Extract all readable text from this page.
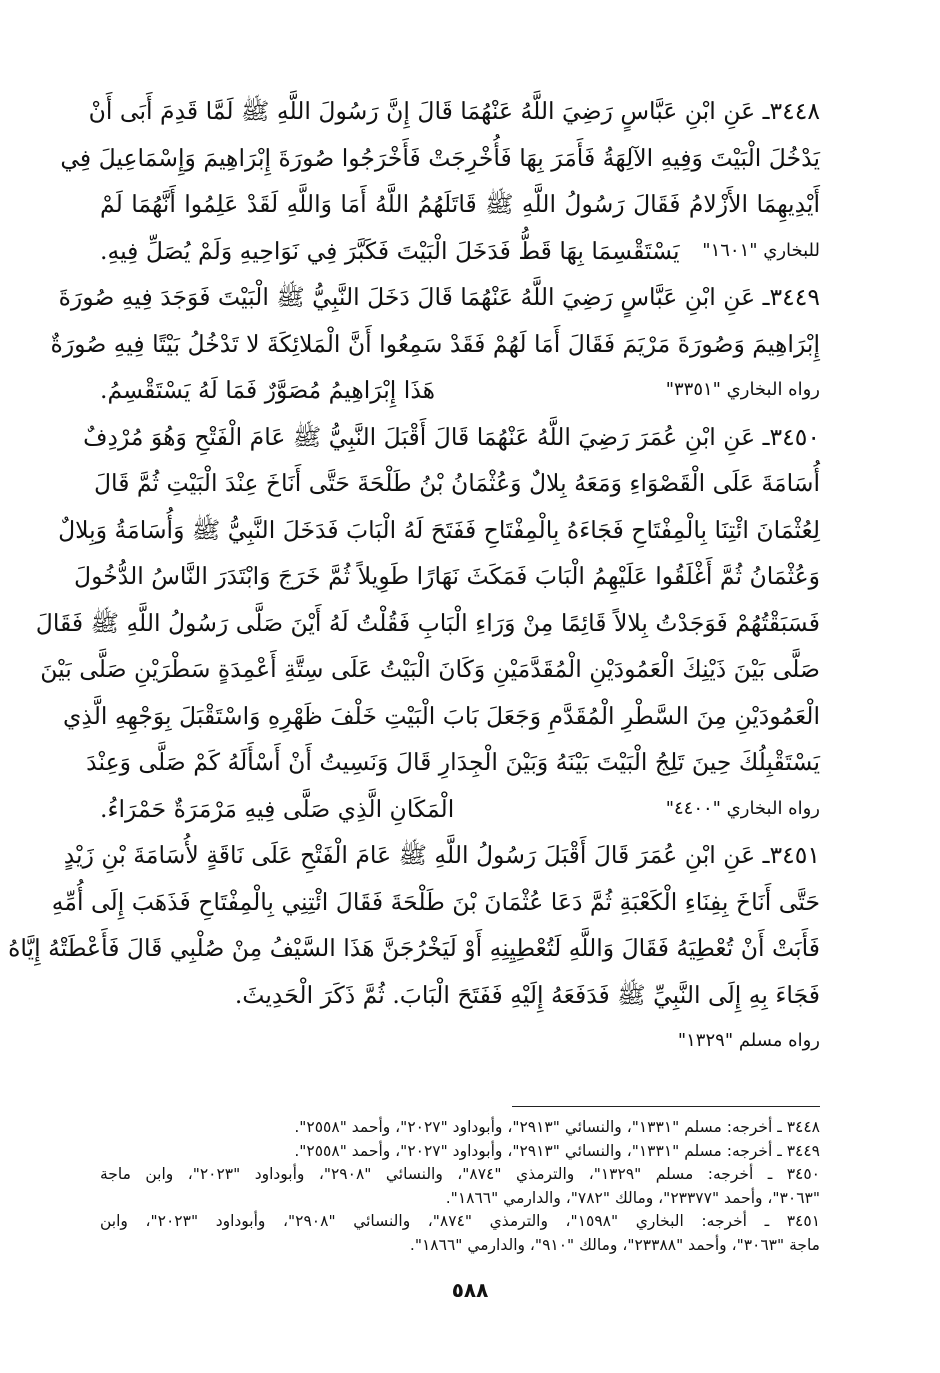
٣٤٤٨ـ عَنِ ابْنِ عَبَّاسٍ رَضِيَ اللَّهُ عَنْهُمَا قَالَ إِنَّ رَسُولَ اللَّهِ ﷺ لَمَّا قَدِمَ أَبَى أَنْ
يَدْخُلَ الْبَيْتَ وَفِيهِ الآلِهَةُ فَأَمَرَ بِهَا فَأُخْرِجَتْ فَأَخْرَجُوا صُورَةَ إِبْرَاهِيمَ وَإِسْمَاعِيلَ فِي
أَيْدِيهِمَا الأَزْلامُ فَقَالَ رَسُولُ اللَّهِ ﷺ قَاتَلَهُمُ اللَّهُ أَمَا وَاللَّهِ لَقَدْ عَلِمُوا أَنَّهُمَا لَمْ
يَسْتَقْسِمَا بِهَا قَطُّ فَدَخَلَ الْبَيْتَ فَكَبَّرَ فِي نَوَاحِيهِ وَلَمْ يُصَلِّ فِيهِ. للبخاري "١٦٠١"
٣٤٤٩ـ عَنِ ابْنِ عَبَّاسٍ رَضِيَ اللَّهُ عَنْهُمَا قَالَ دَخَلَ النَّبِيُّ ﷺ الْبَيْتَ فَوَجَدَ فِيهِ صُورَةَ
إِبْرَاهِيمَ وَصُورَةَ مَرْيَمَ فَقَالَ أَمَا لَهُمْ فَقَدْ سَمِعُوا أَنَّ الْمَلائِكَةَ لا تَدْخُلُ بَيْتًا فِيهِ صُورَةٌ
هَذَا إِبْرَاهِيمُ مُصَوَّرٌ فَمَا لَهُ يَسْتَقْسِمُ.	رواه البخاري "٣٣٥١"
٣٤٥٠ـ عَنِ ابْنِ عُمَرَ رَضِيَ اللَّهُ عَنْهُمَا قَالَ أَقْبَلَ النَّبِيُّ ﷺ عَامَ الْفَتْحِ وَهُوَ مُرْدِفٌ
أُسَامَةَ عَلَى الْقَصْوَاءِ وَمَعَهُ بِلالٌ وَعُثْمَانُ بْنُ طَلْحَةَ حَتَّى أَنَاخَ عِنْدَ الْبَيْتِ ثُمَّ قَالَ
لِعُثْمَانَ ائْتِنَا بِالْمِفْتَاحِ فَجَاءَهُ بِالْمِفْتَاحِ فَفَتَحَ لَهُ الْبَابَ فَدَخَلَ النَّبِيُّ ﷺ وَأُسَامَةُ وَبِلالٌ
وَعُثْمَانُ ثُمَّ أَغْلَقُوا عَلَيْهِمُ الْبَابَ فَمَكَثَ نَهَارًا طَوِيلاً ثُمَّ خَرَجَ وَابْتَدَرَ النَّاسُ الدُّخُولَ
فَسَبَقْتُهُمْ فَوَجَدْتُ بِلالاً قَائِمًا مِنْ وَرَاءِ الْبَابِ فَقُلْتُ لَهُ أَيْنَ صَلَّى رَسُولُ اللَّهِ ﷺ فَقَالَ
صَلَّى بَيْنَ ذَيْنِكَ الْعَمُودَيْنِ الْمُقَدَّمَيْنِ وَكَانَ الْبَيْتُ عَلَى سِتَّةِ أَعْمِدَةٍ سَطْرَيْنِ صَلَّى بَيْنَ
الْعَمُودَيْنِ مِنَ السَّطْرِ الْمُقَدَّمِ وَجَعَلَ بَابَ الْبَيْتِ خَلْفَ ظَهْرِهِ وَاسْتَقْبَلَ بِوَجْهِهِ الَّذِي
يَسْتَقْبِلُكَ حِينَ تَلِجُ الْبَيْتَ بَيْنَهُ وَبَيْنَ الْجِدَارِ قَالَ وَنَسِيتُ أَنْ أَسْأَلَهُ كَمْ صَلَّى وَعِنْدَ
الْمَكَانِ الَّذِي صَلَّى فِيهِ مَرْمَرَةٌ حَمْرَاءُ.	رواه البخاري "٤٤٠٠"
٣٤٥١ـ عَنِ ابْنِ عُمَرَ قَالَ أَقْبَلَ رَسُولُ اللَّهِ ﷺ عَامَ الْفَتْحِ عَلَى نَاقَةٍ لأُسَامَةَ بْنِ زَيْدٍ
حَتَّى أَنَاخَ بِفِنَاءِ الْكَعْبَةِ ثُمَّ دَعَا عُثْمَانَ بْنَ طَلْحَةَ فَقَالَ ائْتِنِي بِالْمِفْتَاحِ فَذَهَبَ إِلَى أُمِّهِ
فَأَبَتْ أَنْ تُعْطِيَهُ فَقَالَ وَاللَّهِ لَتُعْطِيِنِهِ أَوْ لَيَخْرُجَنَّ هَذَا السَّيْفُ مِنْ صُلْبِي قَالَ فَأَعْطَتْهُ إِيَّاهُ
فَجَاءَ بِهِ إِلَى النَّبِيِّ ﷺ فَدَفَعَهُ إِلَيْهِ فَفَتَحَ الْبَابَ. ثُمَّ ذَكَرَ الْحَدِيثَ.
رواه مسلم "١٣٢٩"
٣٤٤٨ ـ أخرجه: مسلم "١٣٣١"، والنسائي "٢٩١٣"، وأبوداود "٢٠٢٧"، وأحمد "٢٥٥٨".
٣٤٤٩ ـ أخرجه: مسلم "١٣٣١"، والنسائي "٢٩١٣"، وأبوداود "٢٠٢٧"، وأحمد "٢٥٥٨".
٣٤٥٠ ـ أخرجه: مسلم "١٣٢٩"، والترمذي "٨٧٤"، والنسائي "٢٩٠٨"، وأبوداود "٢٠٢٣"، وابن ماجة
"٣٠٦٣"، وأحمد "٢٣٣٧٧"، ومالك "٧٨٢"، والدارمي "١٨٦٦".
٣٤٥١ ـ أخرجه: البخاري "١٥٩٨"، والترمذي "٨٧٤"، والنسائي "٢٩٠٨"، وأبوداود "٢٠٢٣"، وابن
ماجة "٣٠٦٣"، وأحمد "٢٣٣٨٨"، ومالك "٩١٠"، والدارمي "١٨٦٦".
٥٨٨
